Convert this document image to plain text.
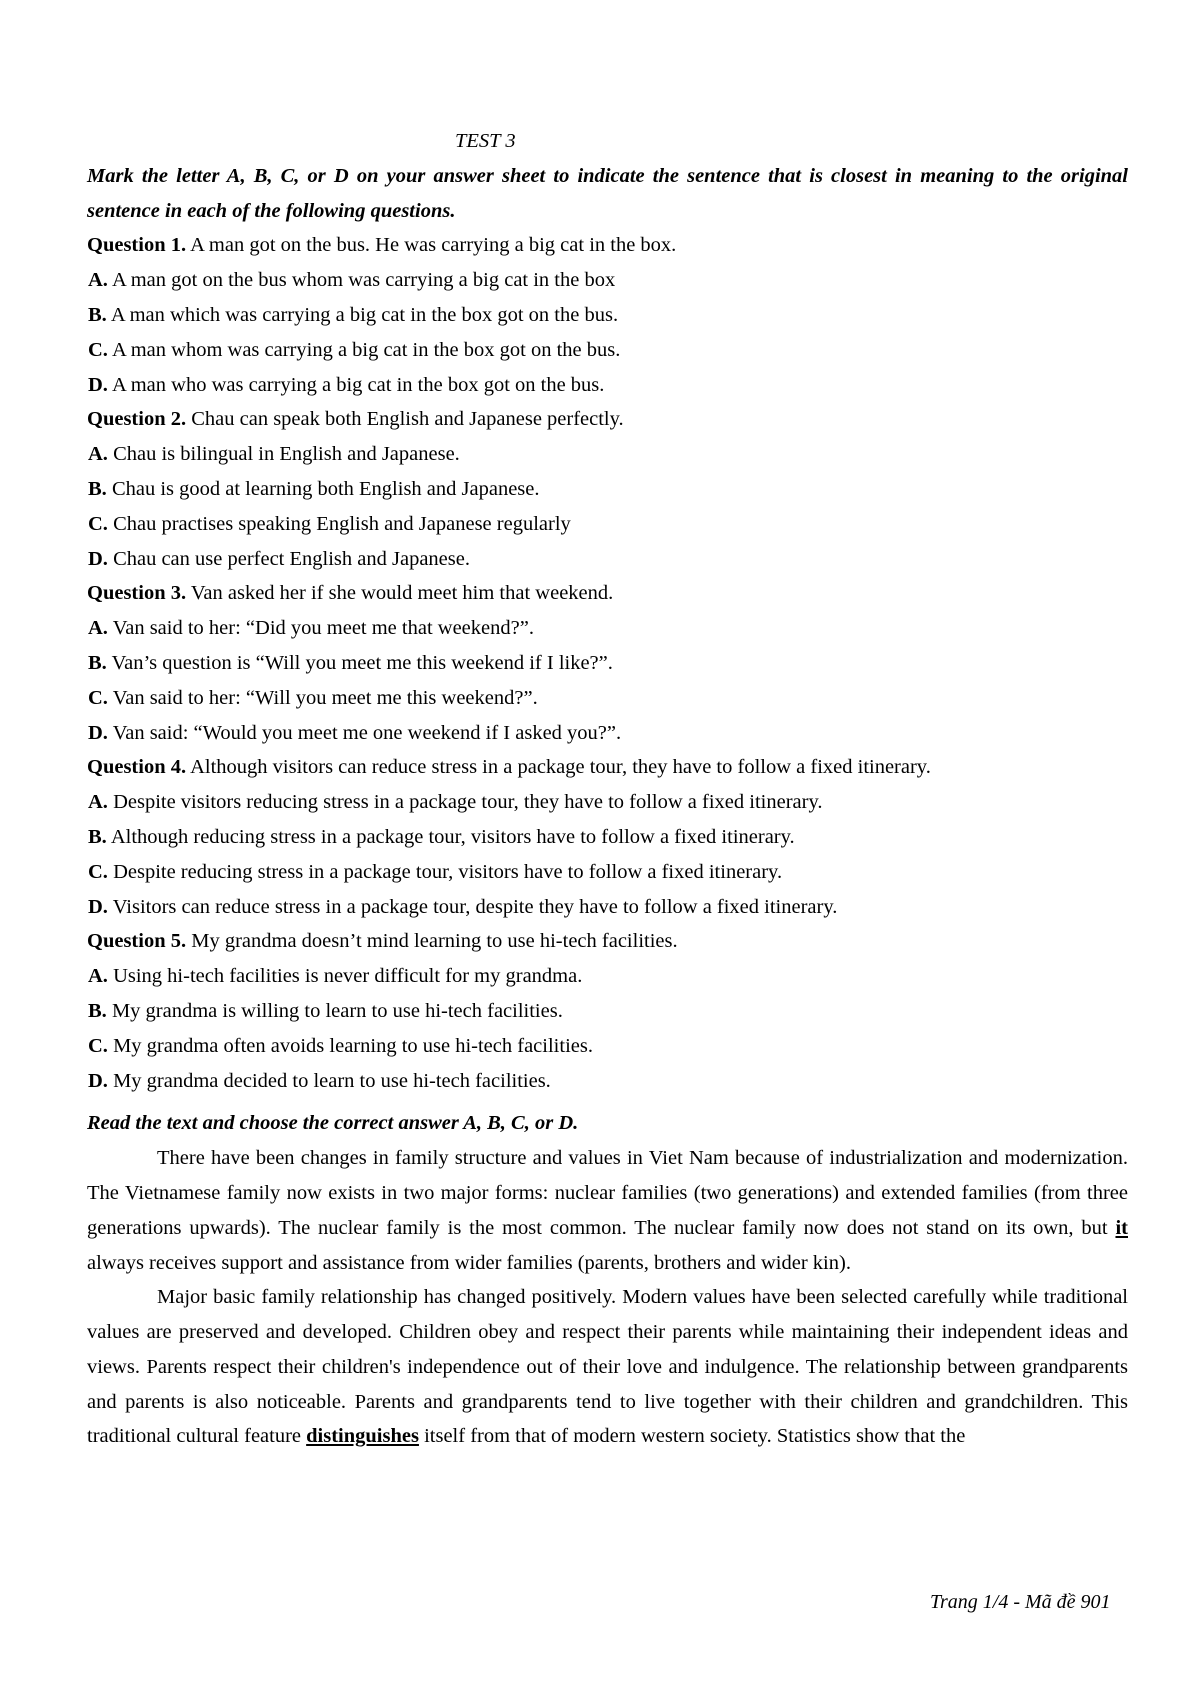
TEST 3
Mark the letter A, B, C, or D on your answer sheet to indicate the sentence that is closest in meaning to the original sentence in each of the following questions.
Question 1. A man got on the bus. He was carrying a big cat in the box.
A. A man got on the bus whom was carrying a big cat in the box
B. A man which was carrying a big cat in the box got on the bus.
C. A man whom was carrying a big cat in the box got on the bus.
D. A man who was carrying a big cat in the box got on the bus.
Question 2. Chau can speak both English and Japanese perfectly.
A. Chau is bilingual in English and Japanese.
B. Chau is good at learning both English and Japanese.
C. Chau practises speaking English and Japanese regularly
D. Chau can use perfect English and Japanese.
Question 3. Van asked her if she would meet him that weekend.
A. Van said to her: “Did you meet me that weekend?”.
B. Van’s question is “Will you meet me this weekend if I like?”.
C. Van said to her: “Will you meet me this weekend?”.
D. Van said: “Would you meet me one weekend if I asked you?”.
Question 4. Although visitors can reduce stress in a package tour, they have to follow a fixed itinerary.
A. Despite visitors reducing stress in a package tour, they have to follow a fixed itinerary.
B. Although reducing stress in a package tour, visitors have to follow a fixed itinerary.
C. Despite reducing stress in a package tour, visitors have to follow a fixed itinerary.
D. Visitors can reduce stress in a package tour, despite they have to follow a fixed itinerary.
Question 5. My grandma doesn’t mind learning to use hi-tech facilities.
A. Using hi-tech facilities is never difficult for my grandma.
B. My grandma is willing to learn to use hi-tech facilities.
C. My grandma often avoids learning to use hi-tech facilities.
D. My grandma decided to learn to use hi-tech facilities.
Read the text and choose the correct answer A, B, C, or D.
There have been changes in family structure and values in Viet Nam because of industrialization and modernization. The Vietnamese family now exists in two major forms: nuclear families (two generations) and extended families (from three generations upwards). The nuclear family is the most common. The nuclear family now does not stand on its own, but it always receives support and assistance from wider families (parents, brothers and wider kin).
Major basic family relationship has changed positively. Modern values have been selected carefully while traditional values are preserved and developed. Children obey and respect their parents while maintaining their independent ideas and views. Parents respect their children's independence out of their love and indulgence. The relationship between grandparents and parents is also noticeable. Parents and grandparents tend to live together with their children and grandchildren. This traditional cultural feature distinguishes itself from that of modern western society. Statistics show that the
Trang 1/4 - Mã đề 901
